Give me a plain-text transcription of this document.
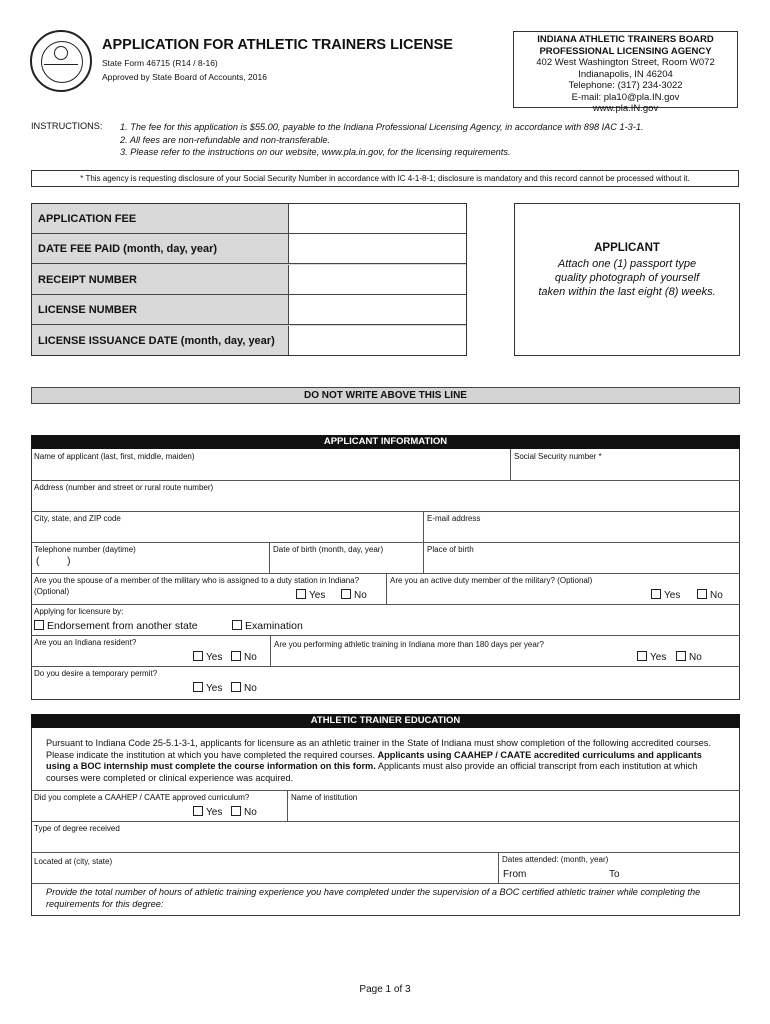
APPLICATION FOR ATHLETIC TRAINERS LICENSE
State Form 46715 (R14 / 8-16)
Approved by State Board of Accounts, 2016
INDIANA ATHLETIC TRAINERS BOARD
PROFESSIONAL LICENSING AGENCY
402 West Washington Street, Room W072
Indianapolis, IN 46204
Telephone: (317) 234-3022
E-mail: pla10@pla.IN.gov
www.pla.IN.gov
INSTRUCTIONS: 1. The fee for this application is $55.00, payable to the Indiana Professional Licensing Agency, in accordance with 898 IAC 1-3-1.
2. All fees are non-refundable and non-transferable.
3. Please refer to the instructions on our website, www.pla.in.gov, for the licensing requirements.
* This agency is requesting disclosure of your Social Security Number in accordance with IC 4-1-8-1; disclosure is mandatory and this record cannot be processed without it.
APPLICATION FEE
DATE FEE PAID (month, day, year)
RECEIPT NUMBER
LICENSE NUMBER
LICENSE ISSUANCE DATE (month, day, year)
APPLICANT
Attach one (1) passport type
quality photograph of yourself
taken within the last eight (8) weeks.
DO NOT WRITE ABOVE THIS LINE
APPLICANT INFORMATION
Name of applicant (last, first, middle, maiden)	Social Security number *
Address (number and street or rural route number)
City, state, and ZIP code	E-mail address
Telephone number (daytime)
(          )
Date of birth (month, day, year)	Place of birth
Are you the spouse of a member of the military who is assigned to a duty station in Indiana?
(Optional)	Yes	No
Are you an active duty member of the military? (Optional)
Yes	No
Applying for licensure by:
Endorsement from another state	Examination
Are you an Indiana resident?
Yes	No
Are you performing athletic training in Indiana more than 180 days per year?
Yes	No
Do you desire a temporary permit?
Yes	No
ATHLETIC TRAINER EDUCATION
Pursuant to Indiana Code 25-5.1-3-1, applicants for licensure as an athletic trainer in the State of Indiana must show completion of the following accredited courses. Please indicate the institution at which you have completed the required courses. Applicants using CAAHEP / CAATE accredited curriculums and applicants using a BOC internship must complete the course information on this form. Applicants must also provide an official transcript from each institution at which courses were completed or clinical experience was acquired.
Did you complete a CAAHEP / CAATE approved curriculum?
Yes	No
Name of institution
Type of degree received
Located at (city, state)	Dates attended: (month, year)
From	To
Provide the total number of hours of athletic training experience you have completed under the supervision of a BOC certified athletic trainer while completing the requirements for this degree:
Page 1 of 3
